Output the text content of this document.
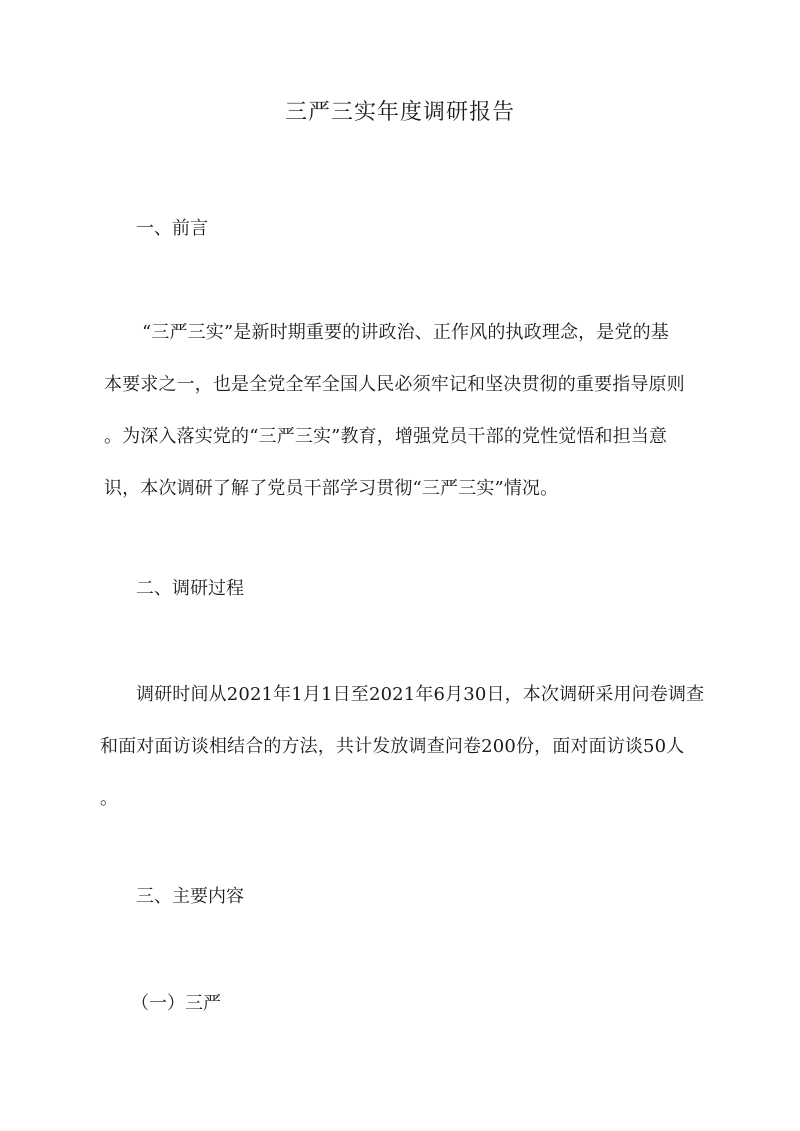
三严三实年度调研报告
一、前言
“三严三实”是新时期重要的讲政治、正作风的执政理念，是党的基
本要求之一，也是全党全军全国人民必须牢记和坚决贯彻的重要指导原则
。为深入落实党的“三严三实”教育，增强党员干部的党性觉悟和担当意
识，本次调研了解了党员干部学习贯彻“三严三实”情况。
二、调研过程
调研时间从2021年1月1日至2021年6月30日，本次调研采用问卷调查
和面对面访谈相结合的方法，共计发放调查问卷200份，面对面访谈50人
。
三、主要内容
（一）三严
